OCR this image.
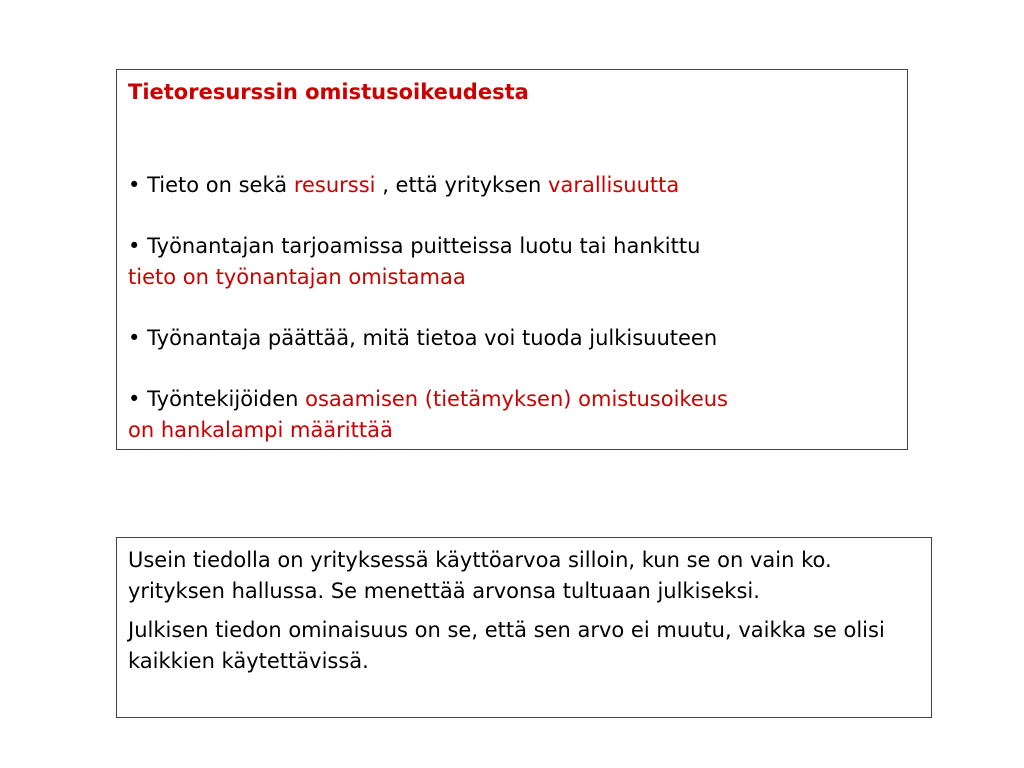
Tietoresurssin omistusoikeudesta

• Tieto on sekä resurssi , että yrityksen varallisuutta

• Työnantajan tarjoamissa puitteissa luotu tai hankittu
tieto on työnantajan omistamaa

• Työnantaja päättää, mitä tietoa voi tuoda julkisuuteen

• Työntekijöiden osaamisen (tietämyksen) omistusoikeus
on hankalampi määrittää

Usein tiedolla on yrityksessä käyttöarvoa silloin, kun se on vain ko. yrityksen hallussa. Se menettää arvonsa tultuaan julkiseksi.

Julkisen tiedon ominaisuus on se, että sen arvo ei muutu, vaikka se olisi kaikkien käytettävissä.
